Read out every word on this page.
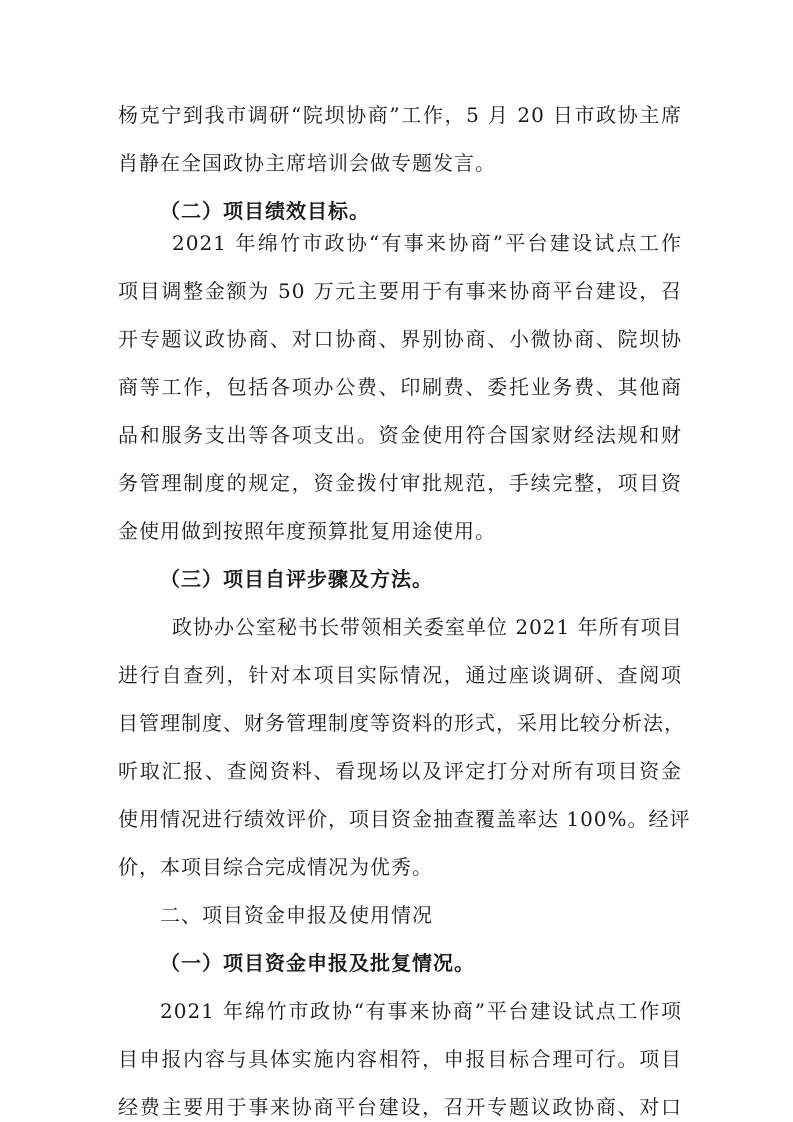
杨克宁到我市调研“院坝协商”工作，5 月 20 日市政协主席
肖静在全国政协主席培训会做专题发言。
（二）项目绩效目标。
2021 年绵竹市政协“有事来协商”平台建设试点工作
项目调整金额为 50 万元主要用于有事来协商平台建设，召
开专题议政协商、对口协商、界别协商、小微协商、院坝协
商等工作，包括各项办公费、印刷费、委托业务费、其他商
品和服务支出等各项支出。资金使用符合国家财经法规和财
务管理制度的规定，资金拨付审批规范，手续完整，项目资
金使用做到按照年度预算批复用途使用。
（三）项目自评步骤及方法。
政协办公室秘书长带领相关委室单位 2021 年所有项目
进行自查列，针对本项目实际情况，通过座谈调研、查阅项
目管理制度、财务管理制度等资料的形式，采用比较分析法，
听取汇报、查阅资料、看现场以及评定打分对所有项目资金
使用情况进行绩效评价，项目资金抽查覆盖率达 100%。经评
价，本项目综合完成情况为优秀。
二、项目资金申报及使用情况
（一）项目资金申报及批复情况。
2021 年绵竹市政协“有事来协商”平台建设试点工作项
目申报内容与具体实施内容相符，申报目标合理可行。项目
经费主要用于事来协商平台建设，召开专题议政协商、对口
